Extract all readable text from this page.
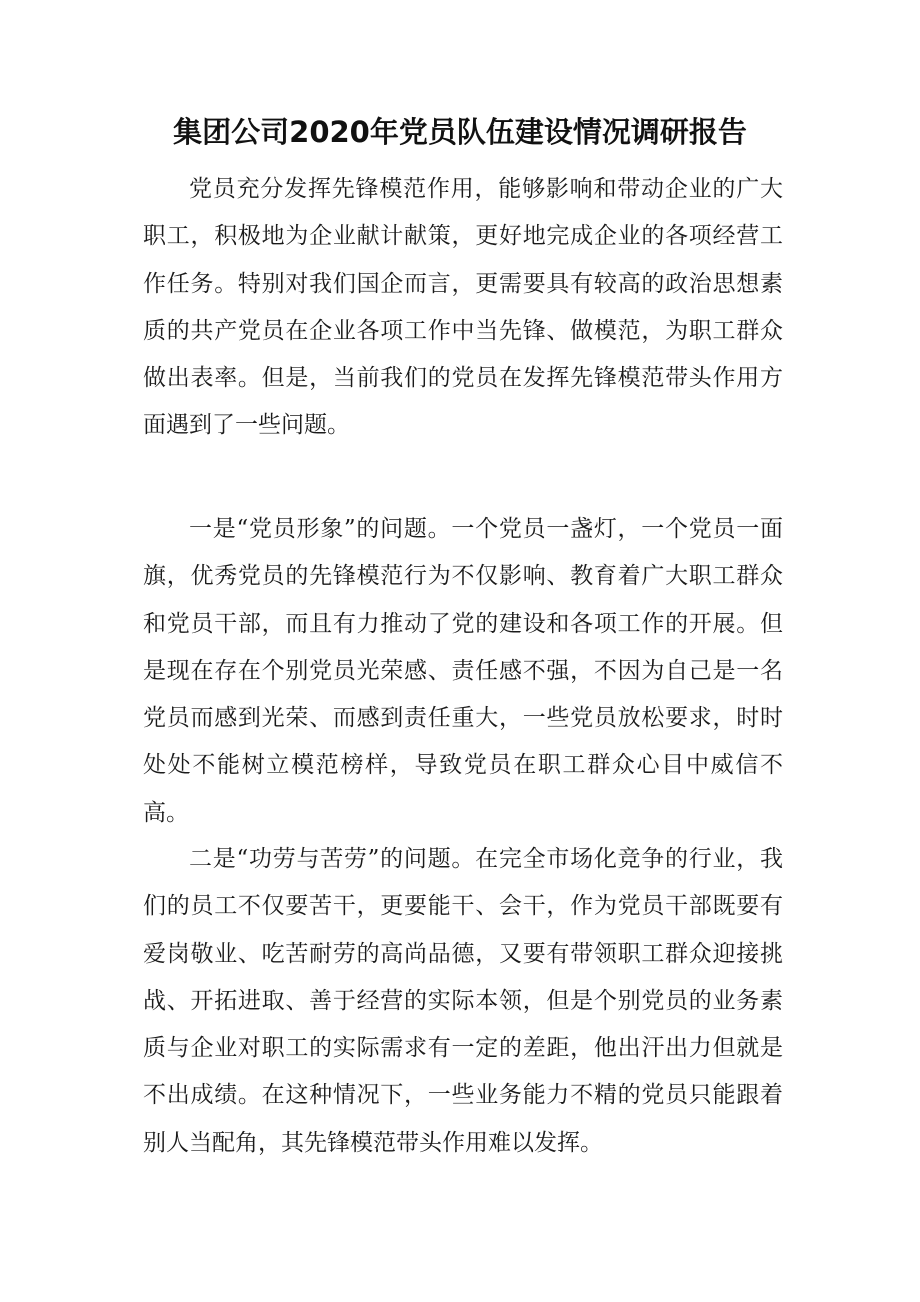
集团公司2020年党员队伍建设情况调研报告

党员充分发挥先锋模范作用，能够影响和带动企业的广大职工，积极地为企业献计献策，更好地完成企业的各项经营工作任务。特别对我们国企而言，更需要具有较高的政治思想素质的共产党员在企业各项工作中当先锋、做模范，为职工群众做出表率。但是，当前我们的党员在发挥先锋模范带头作用方面遇到了一些问题。

一是“党员形象”的问题。一个党员一盏灯，一个党员一面旗，优秀党员的先锋模范行为不仅影响、教育着广大职工群众和党员干部，而且有力推动了党的建设和各项工作的开展。但是现在存在个别党员光荣感、责任感不强，不因为自己是一名党员而感到光荣、而感到责任重大，一些党员放松要求，时时处处不能树立模范榜样，导致党员在职工群众心目中威信不高。

二是“功劳与苦劳”的问题。在完全市场化竞争的行业，我们的员工不仅要苦干，更要能干、会干，作为党员干部既要有爱岗敬业、吃苦耐劳的高尚品德，又要有带领职工群众迎接挑战、开拓进取、善于经营的实际本领，但是个别党员的业务素质与企业对职工的实际需求有一定的差距，他出汗出力但就是不出成绩。在这种情况下，一些业务能力不精的党员只能跟着别人当配角，其先锋模范带头作用难以发挥。
